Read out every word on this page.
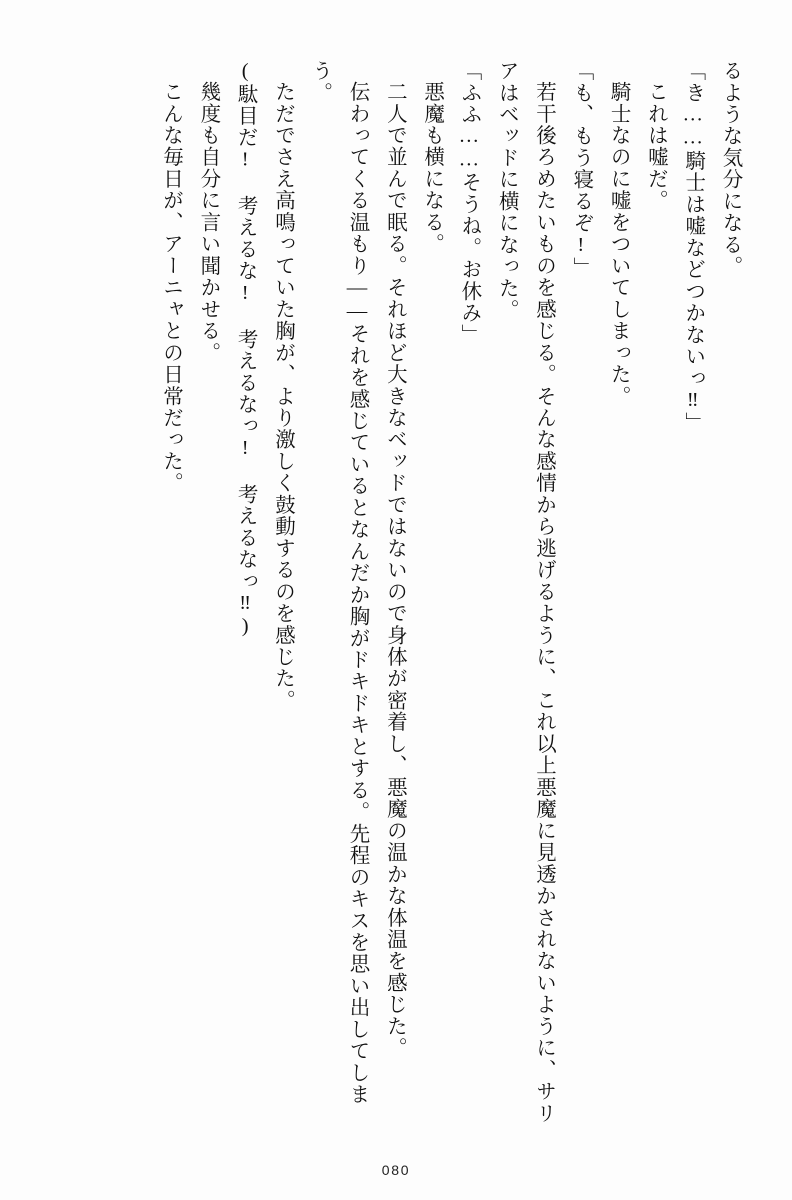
るような気分になる。

「き……騎士は嘘などつかないっ‼」

これは嘘だ。

騎士なのに嘘をついてしまった。

「も、もう寝るぞ!」

若干後ろめたいものを感じる。そんな感情から逃げるように、これ以上悪魔に見透かされないように、サリアはベッドに横になった。

「ふふ……そうね。お休み」

悪魔も横になる。

二人で並んで眠る。それほど大きなベッドではないので身体が密着し、悪魔の温かな体温を感じた。

伝わってくる温もり――それを感じているとなんだか胸がドキドキとする。先程のキスを思い出してしまう。

ただでさえ高鳴っていた胸が、より激しく鼓動するのを感じた。

(駄目だ! 考えるな! 考えるなっ! 考えるなっ‼)

幾度も自分に言い聞かせる。

こんな毎日が、アーニャとの日常だった。

080
